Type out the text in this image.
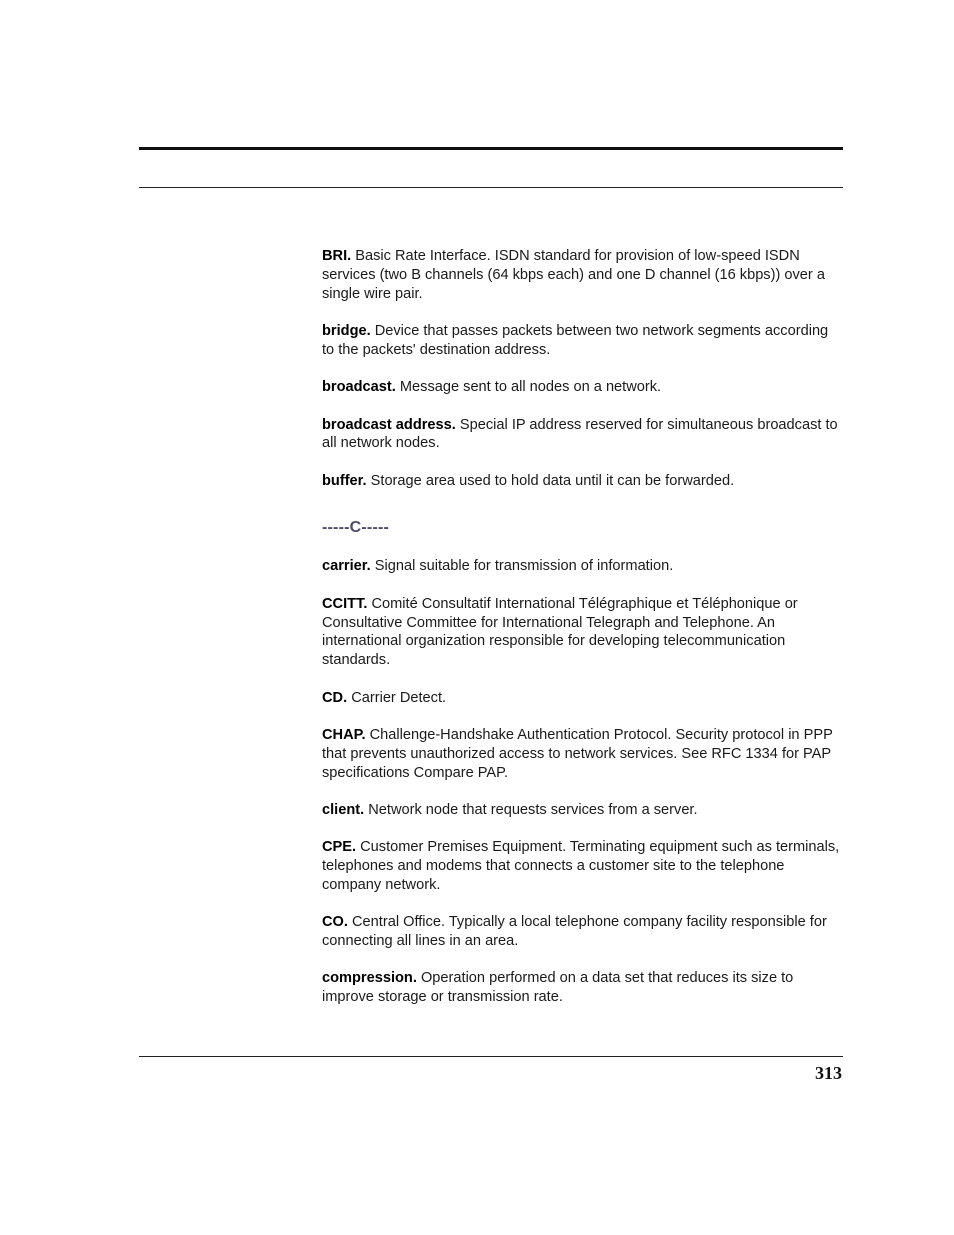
BRI. Basic Rate Interface. ISDN standard for provision of low-speed ISDN services (two B channels (64 kbps each) and one D channel (16 kbps)) over a single wire pair.

bridge. Device that passes packets between two network segments according to the packets' destination address.

broadcast. Message sent to all nodes on a network.

broadcast address. Special IP address reserved for simultaneous broadcast to all network nodes.

buffer. Storage area used to hold data until it can be forwarded.

-----C-----

carrier. Signal suitable for transmission of information.

CCITT. Comité Consultatif International Télégraphique et Téléphonique or Consultative Committee for International Telegraph and Telephone. An international organization responsible for developing telecommunication standards.

CD. Carrier Detect.

CHAP. Challenge-Handshake Authentication Protocol. Security protocol in PPP that prevents unauthorized access to network services. See RFC 1334 for PAP specifications Compare PAP.

client. Network node that requests services from a server.

CPE. Customer Premises Equipment. Terminating equipment such as terminals, telephones and modems that connects a customer site to the telephone company network.

CO. Central Office. Typically a local telephone company facility responsible for connecting all lines in an area.

compression. Operation performed on a data set that reduces its size to improve storage or transmission rate.

313
